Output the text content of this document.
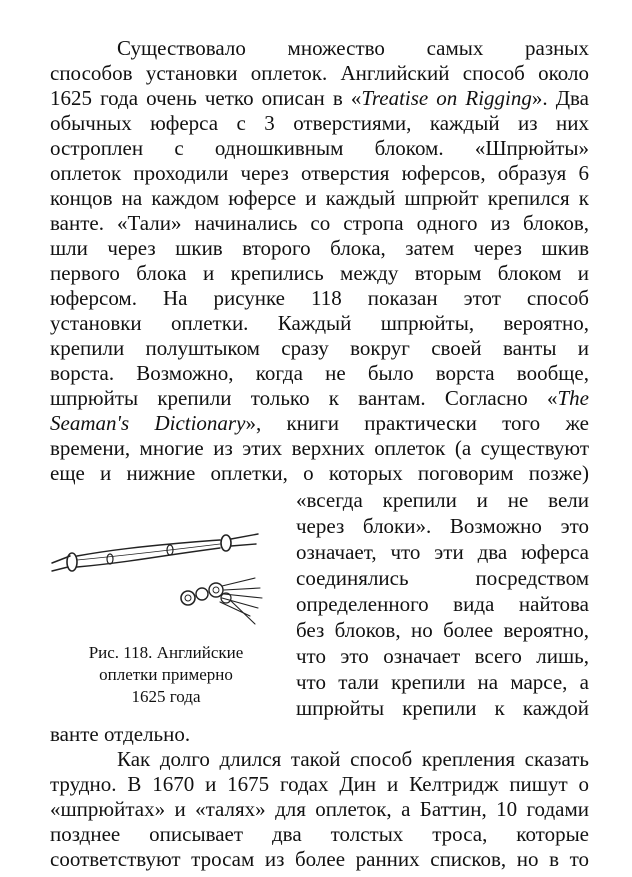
Существовало множество самых разных
способов установки оплеток. Английский способ около
1625 года очень четко описан в «Treatise on Rigging». Два
обычных юферса с 3 отверстиями, каждый из них
остроплен с одношкивным блоком. «Шпрюйты»
оплеток проходили через отверстия юферсов, образуя 6
концов на каждом юферсе и каждый шпрюйт крепился к
ванте. «Тали» начинались со стропа одного из блоков,
шли через шкив второго блока, затем через шкив
первого блока и крепились между вторым блоком и
юферсом. На рисунке 118 показан этот способ
установки оплетки. Каждый шпрюйты, вероятно,
крепили полуштыком сразу вокруг своей ванты и
ворста. Возможно, когда не было ворста вообще,
шпрюйты крепили только к вантам. Согласно «The
Seaman's Dictionary», книги практически того же
времени, многие из этих верхних оплеток (а существуют
еще и нижние оплетки, о которых поговорим позже)
«всегда крепили и не вели
через блоки». Возможно это
означает, что эти два юферса
соединялись посредством
определенного вида найтова
без блоков, но более вероятно,
что это означает всего лишь,
что тали крепили на марсе, а
шпрюйты крепили к каждой
ванте отдельно.
Рис. 118. Английские
оплетки примерно
1625 года
Как долго длился такой способ крепления сказать
трудно. В 1670 и 1675 годах Дин и Келтридж пишут о
«шпрюйтах» и «талях» для оплеток, а Баттин, 10 годами
позднее описывает два толстых троса, которые
соответствуют тросам из более ранних списков, но в то
